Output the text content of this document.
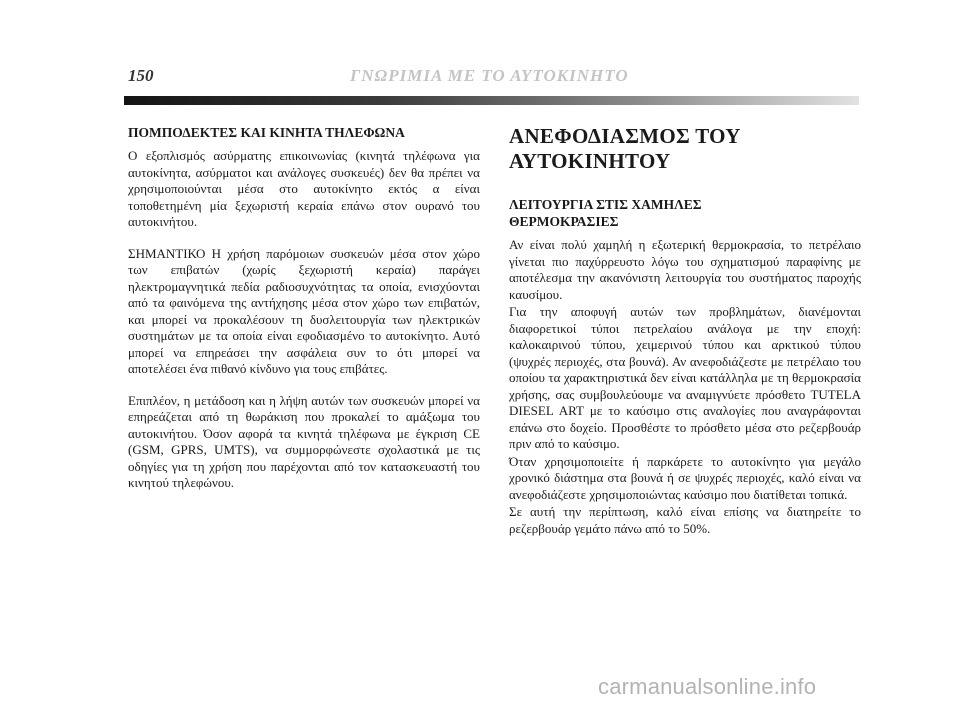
150	ΓΝΩΡΙΜΙΑ ΜΕ ΤΟ ΑΥΤΟΚΙΝΗΤΟ
ΠΟΜΠΟΔΕΚΤΕΣ ΚΑΙ ΚΙΝΗΤΑ ΤΗΛΕΦΩΝΑ

Ο εξοπλισμός ασύρματης επικοινωνίας (κινητά τηλέφωνα για αυτοκίνητα, ασύρματοι και ανάλογες συσκευές) δεν θα πρέπει να χρησιμοποιούνται μέσα στο αυτοκίνητο εκτός α είναι τοποθετημένη μία ξεχωριστή κεραία επάνω στον ουρανό του αυτοκινήτου.

ΣΗΜΑΝΤΙΚΟ Η χρήση παρόμοιων συσκευών μέσα στον χώρο των επιβατών (χωρίς ξεχωριστή κεραία) παράγει ηλεκτρομαγνητικά πεδία ραδιοσυχνότητας τα οποία, ενισχύονται από τα φαινόμενα της αντήχησης μέσα στον χώρο των επιβατών, και μπορεί να προκαλέσουν τη δυσλειτουργία των ηλεκτρικών συστημάτων με τα οποία είναι εφοδιασμένο το αυτοκίνητο. Αυτό μπορεί να επηρεάσει την ασφάλεια συν το ότι μπορεί να αποτελέσει ένα πιθανό κίνδυνο για τους επιβάτες.

Επιπλέον, η μετάδοση και η λήψη αυτών των συσκευών μπορεί να επηρεάζεται από τη θωράκιση που προκαλεί το αμάξωμα του αυτοκινήτου. Όσον αφορά τα κινητά τηλέφωνα με έγκριση CE (GSM, GPRS, UMTS), να συμμορφώνεστε σχολαστικά με τις οδηγίες για τη χρήση που παρέχονται από τον κατασκευαστή του κινητού τηλεφώνου.

ΑΝΕΦΟΔΙΑΣΜΟΣ ΤΟΥ
ΑΥΤΟΚΙΝΗΤΟΥ
ΛΕΙΤΟΥΡΓΙΑ ΣΤΙΣ ΧΑΜΗΛΕΣ
ΘΕΡΜΟΚΡΑΣΙΕΣ

Αν είναι πολύ χαμηλή η εξωτερική θερμοκρασία, το πετρέλαιο γίνεται πιο παχύρρευστο λόγω του σχηματισμού παραφίνης με αποτέλεσμα την ακανόνιστη λειτουργία του συστήματος παροχής καυσίμου.

Για την αποφυγή αυτών των προβλημάτων, διανέμονται διαφορετικοί τύποι πετρελαίου ανάλογα με την εποχή: καλοκαιρινού τύπου, χειμερινού τύπου και αρκτικού τύπου (ψυχρές περιοχές, στα βουνά). Αν ανεφοδιάζεστε με πετρέλαιο του οποίου τα χαρακτηριστικά δεν είναι κατάλληλα με τη θερμοκρασία χρήσης, σας συμβουλεύουμε να αναμιγνύετε πρόσθετο TUTELA DIESEL ART με το καύσιμο στις αναλογίες που αναγράφονται επάνω στο δοχείο. Προσθέστε το πρόσθετο μέσα στο ρεζερβουάρ πριν από το καύσιμο.

Όταν χρησιμοποιείτε ή παρκάρετε το αυτοκίνητο για μεγάλο χρονικό διάστημα στα βουνά ή σε ψυχρές περιοχές, καλό είναι να ανεφοδιάζεστε χρησιμοποιώντας καύσιμο που διατίθεται τοπικά.

Σε αυτή την περίπτωση, καλό είναι επίσης να διατηρείτε το ρεζερβουάρ γεμάτο πάνω από το 50%.

carmanualsonline.info
